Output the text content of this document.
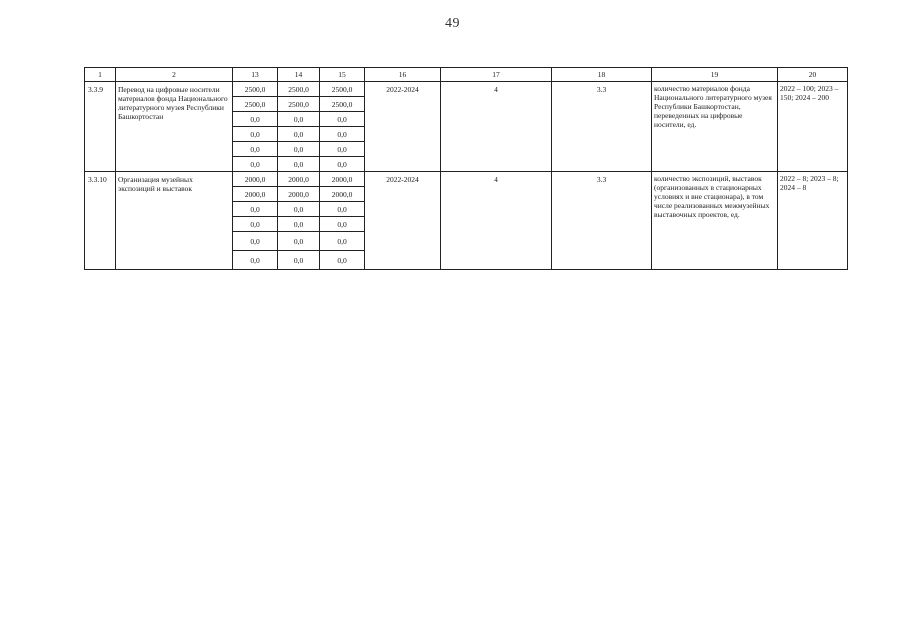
49
1	2	13	14	15	16	17	18	19	20
3.3.9	Перевод на цифровые носители материалов фонда Национального литературного музея Республики Башкортостан	2500,0	2500,0	2500,0	2022-2024	4	3.3	количество материалов фонда Национального литературного музея Республики Башкортостан, переведенных на цифровые носители, ед.	2022 – 100; 2023 – 150; 2024 – 200
		2500,0	2500,0	2500,0					
		0,0	0,0	0,0					
		0,0	0,0	0,0					
		0,0	0,0	0,0					
		0,0	0,0	0,0					
3.3.10	Организация музейных экспозиций и выставок	2000,0	2000,0	2000,0	2022-2024	4	3.3	количество экспозиций, выставок (организованных в стационарных условиях и вне стационара), в том числе реализованных межмузейных выставочных проектов, ед.	2022 – 8; 2023 – 8; 2024 – 8
		2000,0	2000,0	2000,0					
		0,0	0,0	0,0					
		0,0	0,0	0,0					
		0,0	0,0	0,0					
		0,0	0,0	0,0					
